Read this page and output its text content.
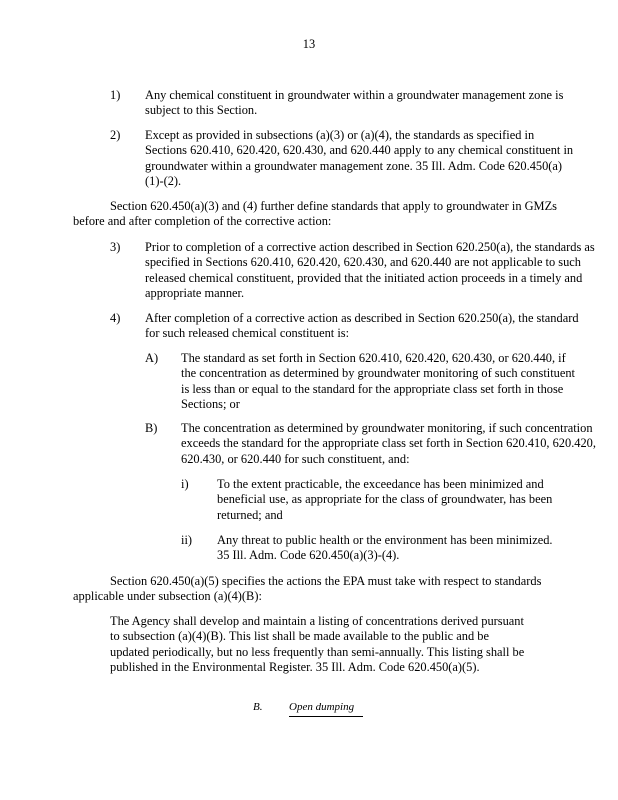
13
1) Any chemical constituent in groundwater within a groundwater management zone is subject to this Section.
2) Except as provided in subsections (a)(3) or (a)(4), the standards as specified in Sections 620.410, 620.420, 620.430, and 620.440 apply to any chemical constituent in groundwater within a groundwater management zone. 35 Ill. Adm. Code 620.450(a)(1)-(2).
Section 620.450(a)(3) and (4) further define standards that apply to groundwater in GMZs before and after completion of the corrective action:
3) Prior to completion of a corrective action described in Section 620.250(a), the standards as specified in Sections 620.410, 620.420, 620.430, and 620.440 are not applicable to such released chemical constituent, provided that the initiated action proceeds in a timely and appropriate manner.
4) After completion of a corrective action as described in Section 620.250(a), the standard for such released chemical constituent is:
A) The standard as set forth in Section 620.410, 620.420, 620.430, or 620.440, if the concentration as determined by groundwater monitoring of such constituent is less than or equal to the standard for the appropriate class set forth in those Sections; or
B) The concentration as determined by groundwater monitoring, if such concentration exceeds the standard for the appropriate class set forth in Section 620.410, 620.420, 620.430, or 620.440 for such constituent, and:
i) To the extent practicable, the exceedance has been minimized and beneficial use, as appropriate for the class of groundwater, has been returned; and
ii) Any threat to public health or the environment has been minimized. 35 Ill. Adm. Code 620.450(a)(3)-(4).
Section 620.450(a)(5) specifies the actions the EPA must take with respect to standards applicable under subsection (a)(4)(B):
The Agency shall develop and maintain a listing of concentrations derived pursuant to subsection (a)(4)(B). This list shall be made available to the public and be updated periodically, but no less frequently than semi-annually. This listing shall be published in the Environmental Register. 35 Ill. Adm. Code 620.450(a)(5).
B. Open dumping
